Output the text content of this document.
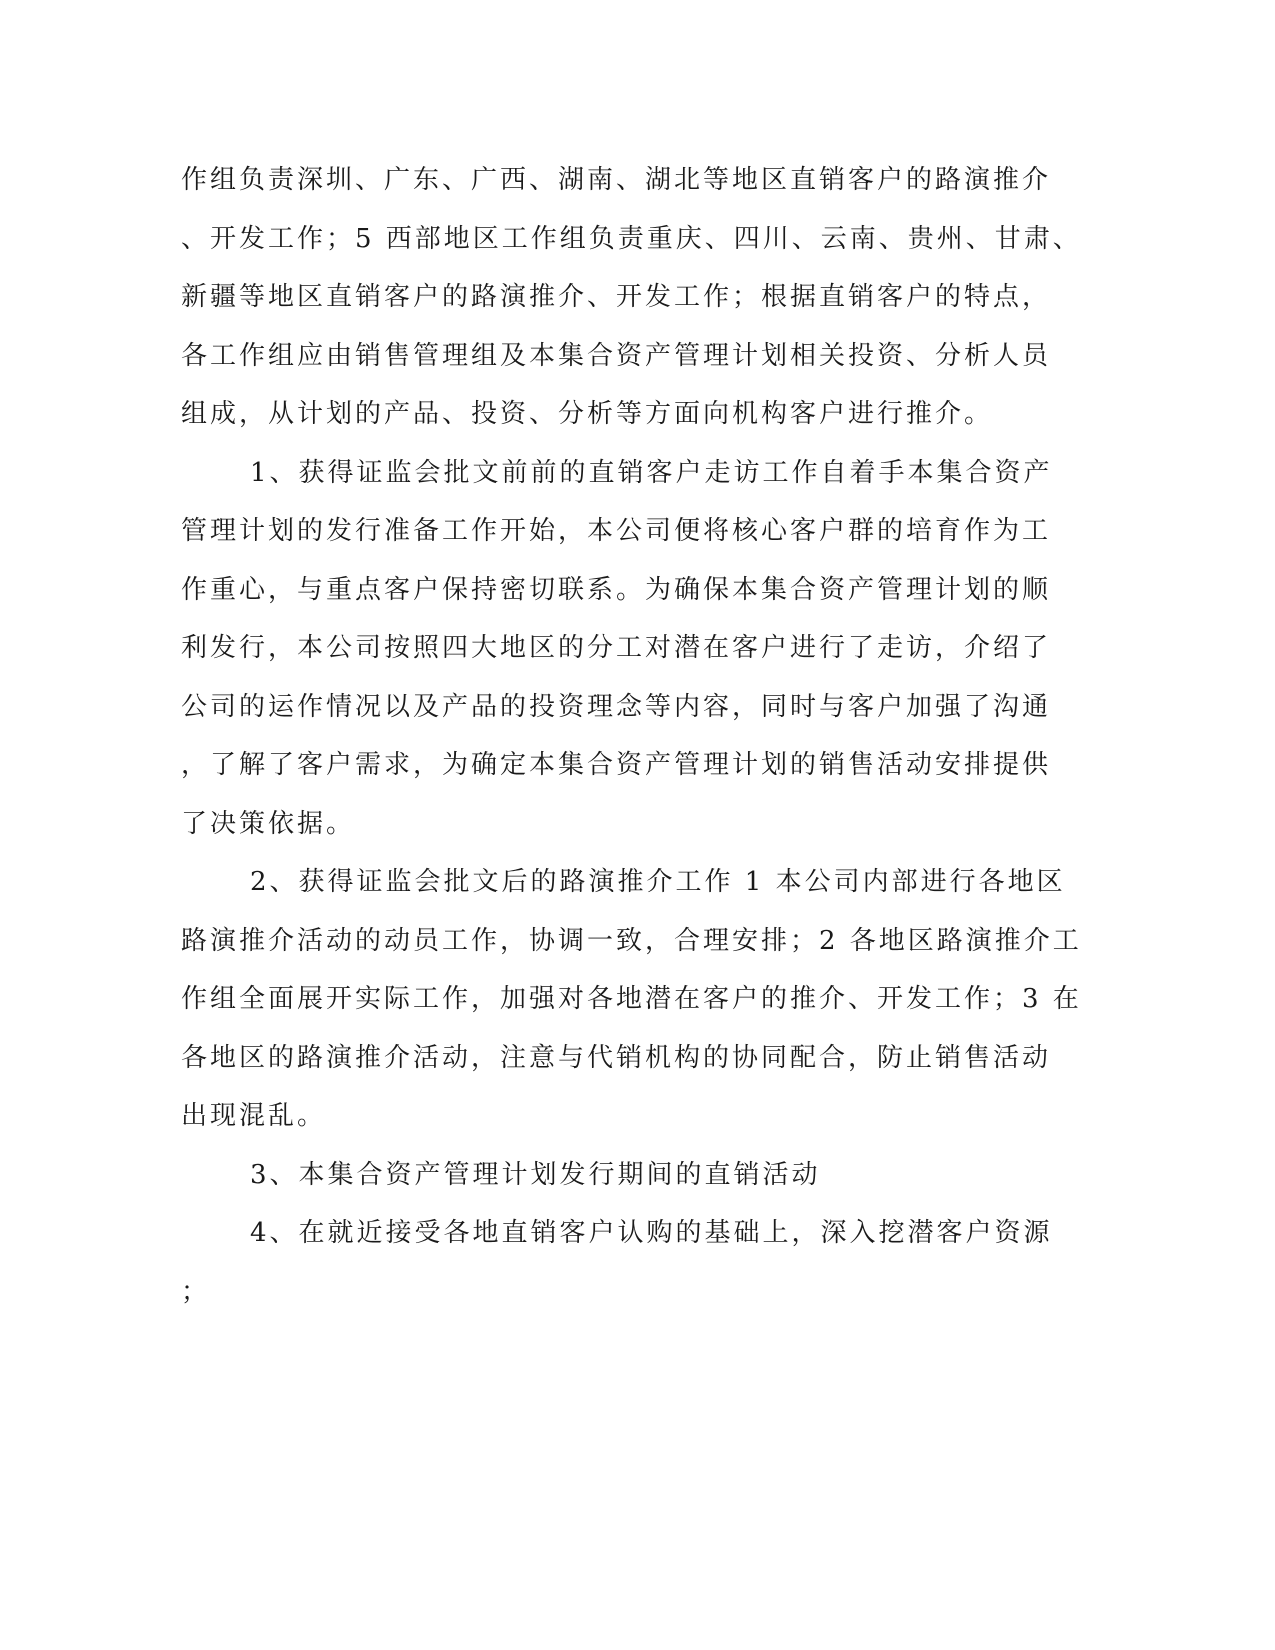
作组负责深圳、广东、广西、湖南、湖北等地区直销客户的路演推介
、开发工作；5 西部地区工作组负责重庆、四川、云南、贵州、甘肃、
新疆等地区直销客户的路演推介、开发工作；根据直销客户的特点，
各工作组应由销售管理组及本集合资产管理计划相关投资、分析人员
组成，从计划的产品、投资、分析等方面向机构客户进行推介。
1、获得证监会批文前前的直销客户走访工作自着手本集合资产
管理计划的发行准备工作开始，本公司便将核心客户群的培育作为工
作重心，与重点客户保持密切联系。为确保本集合资产管理计划的顺
利发行，本公司按照四大地区的分工对潜在客户进行了走访，介绍了
公司的运作情况以及产品的投资理念等内容，同时与客户加强了沟通
，了解了客户需求，为确定本集合资产管理计划的销售活动安排提供
了决策依据。
2、获得证监会批文后的路演推介工作 1 本公司内部进行各地区
路演推介活动的动员工作，协调一致，合理安排；2 各地区路演推介工
作组全面展开实际工作，加强对各地潜在客户的推介、开发工作；3 在
各地区的路演推介活动，注意与代销机构的协同配合，防止销售活动
出现混乱。
3、本集合资产管理计划发行期间的直销活动
4、在就近接受各地直销客户认购的基础上，深入挖潜客户资源
；
